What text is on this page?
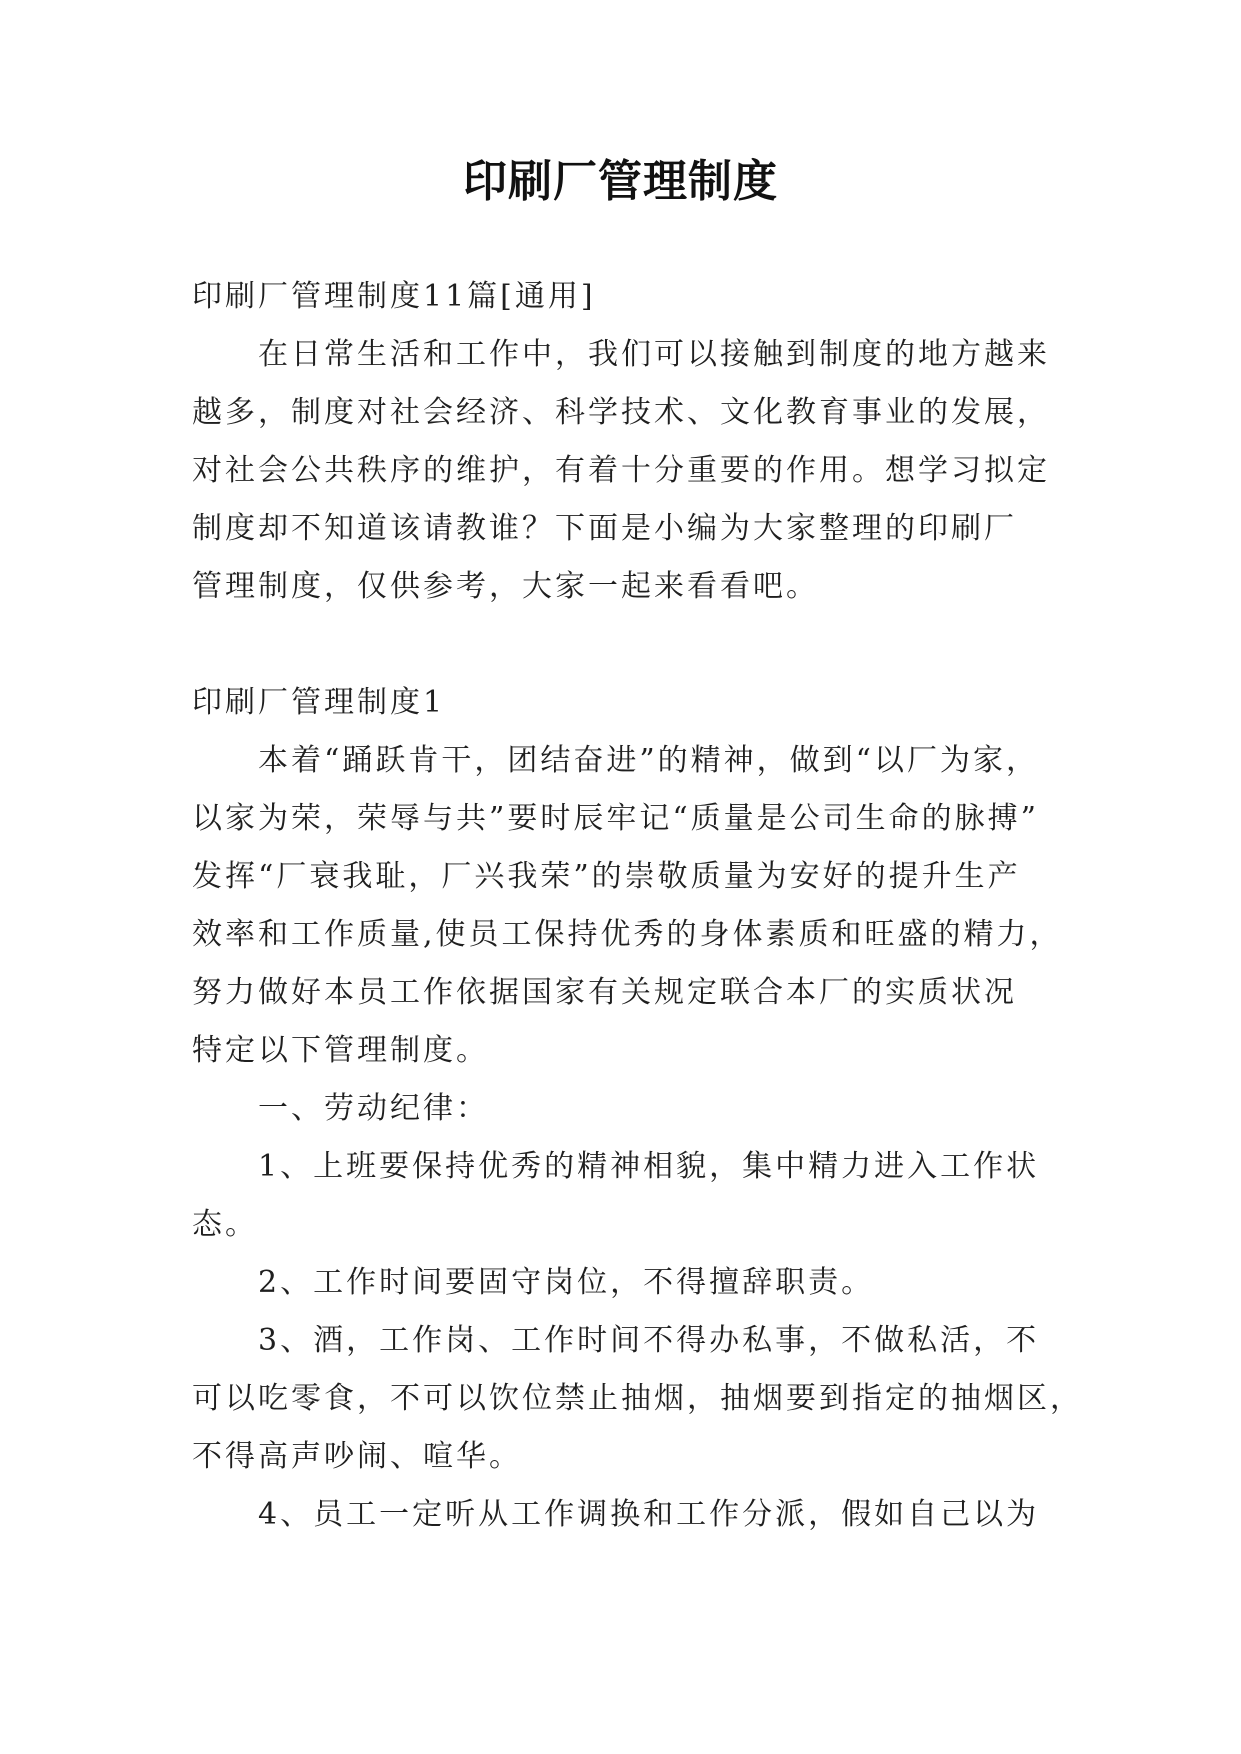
印刷厂管理制度
印刷厂管理制度11篇[通用]
在日常生活和工作中，我们可以接触到制度的地方越来
越多，制度对社会经济、科学技术、文化教育事业的发展，
对社会公共秩序的维护，有着十分重要的作用。想学习拟定
制度却不知道该请教谁？下面是小编为大家整理的印刷厂
管理制度，仅供参考，大家一起来看看吧。
印刷厂管理制度1
本着“踊跃肯干，团结奋进”的精神，做到“以厂为家，
以家为荣，荣辱与共”要时辰牢记“质量是公司生命的脉搏”
发挥“厂衰我耻，厂兴我荣”的崇敬质量为安好的提升生产
效率和工作质量,使员工保持优秀的身体素质和旺盛的精力，
努力做好本员工作依据国家有关规定联合本厂的实质状况
特定以下管理制度。
一、劳动纪律：
1、上班要保持优秀的精神相貌，集中精力进入工作状
态。
2、工作时间要固守岗位，不得擅辞职责。
3、酒，工作岗、工作时间不得办私事，不做私活，不
可以吃零食，不可以饮位禁止抽烟，抽烟要到指定的抽烟区，
不得高声吵闹、喧华。
4、员工一定听从工作调换和工作分派，假如自己以为
